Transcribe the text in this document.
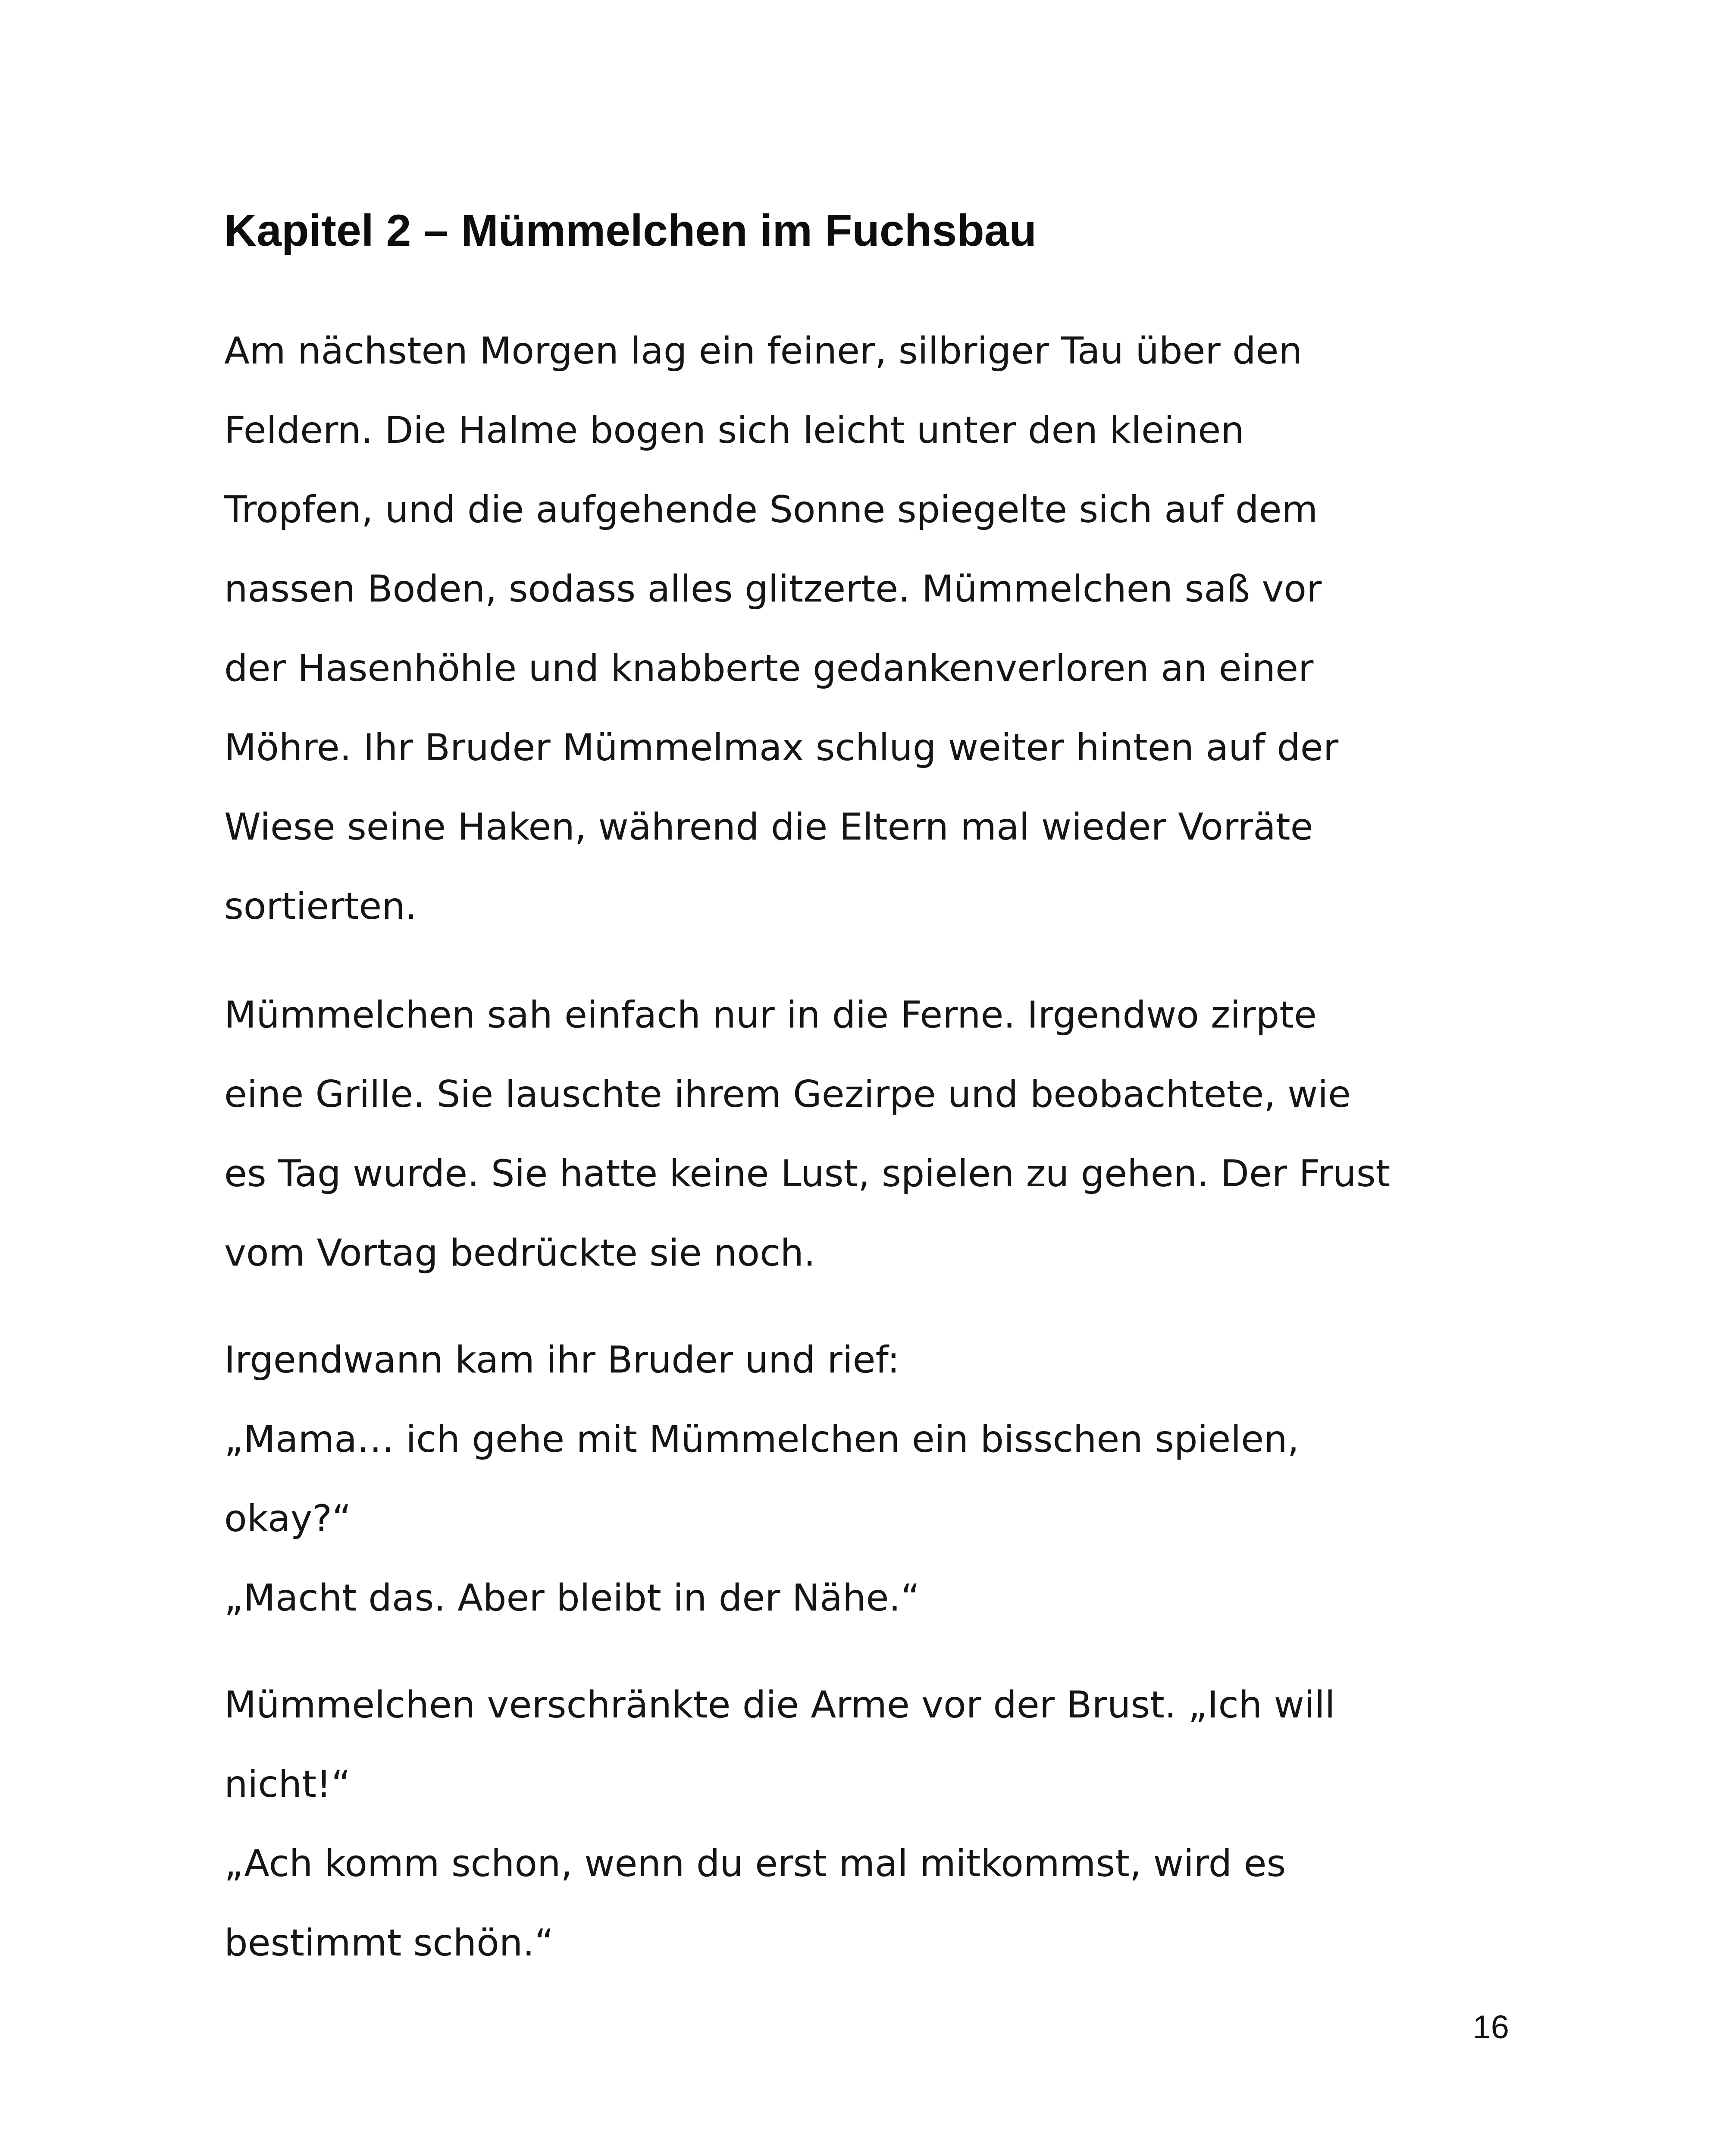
Kapitel 2 – Mümmelchen im Fuchsbau

Am nächsten Morgen lag ein feiner, silbriger Tau über den
Feldern. Die Halme bogen sich leicht unter den kleinen
Tropfen, und die aufgehende Sonne spiegelte sich auf dem
nassen Boden, sodass alles glitzerte. Mümmelchen saß vor
der Hasenhöhle und knabberte gedankenverloren an einer
Möhre. Ihr Bruder Mümmelmax schlug weiter hinten auf der
Wiese seine Haken, während die Eltern mal wieder Vorräte
sortierten.

Mümmelchen sah einfach nur in die Ferne. Irgendwo zirpte
eine Grille. Sie lauschte ihrem Gezirpe und beobachtete, wie
es Tag wurde. Sie hatte keine Lust, spielen zu gehen. Der Frust
vom Vortag bedrückte sie noch.

Irgendwann kam ihr Bruder und rief:
„Mama… ich gehe mit Mümmelchen ein bisschen spielen,
okay?“
„Macht das. Aber bleibt in der Nähe.“

Mümmelchen verschränkte die Arme vor der Brust. „Ich will
nicht!“
„Ach komm schon, wenn du erst mal mitkommst, wird es
bestimmt schön.“

16
